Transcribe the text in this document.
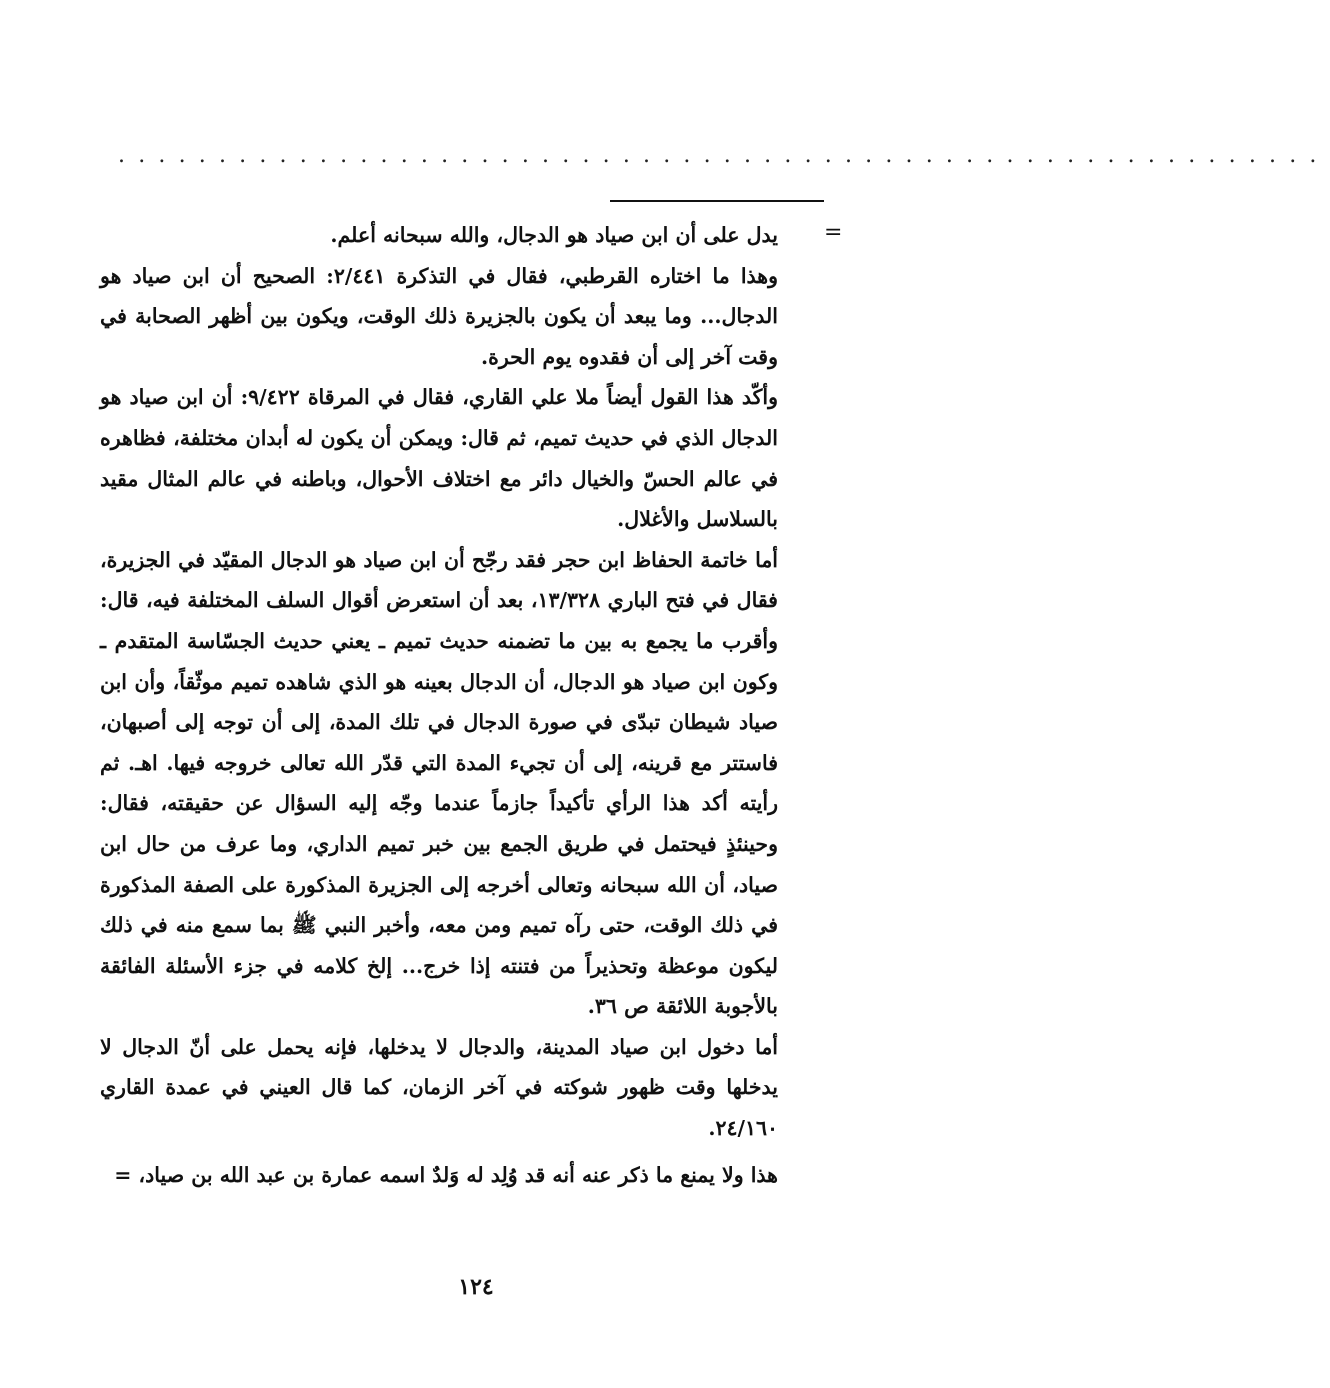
............................................................
=

يدل على أن ابن صياد هو الدجال، والله سبحانه أعلم.

وهذا ما اختاره القرطبي، فقال في التذكرة ٢/٤٤١: الصحيح أن ابن صياد هو الدجال... وما يبعد أن يكون بالجزيرة ذلك الوقت، ويكون بين أظهر الصحابة في وقت آخر إلى أن فقدوه يوم الحرة.

وأكّد هذا القول أيضاً ملا علي القاري، فقال في المرقاة ٩/٤٢٢: أن ابن صياد هو الدجال الذي في حديث تميم، ثم قال: ويمكن أن يكون له أبدان مختلفة، فظاهره في عالم الحسّ والخيال دائر مع اختلاف الأحوال، وباطنه في عالم المثال مقيد بالسلاسل والأغلال.

أما خاتمة الحفاظ ابن حجر فقد رجّح أن ابن صياد هو الدجال المقيّد في الجزيرة، فقال في فتح الباري ١٣/٣٢٨، بعد أن استعرض أقوال السلف المختلفة فيه، قال: وأقرب ما يجمع به بين ما تضمنه حديث تميم ـ يعني حديث الجسّاسة المتقدم ـ وكون ابن صياد هو الدجال، أن الدجال بعينه هو الذي شاهده تميم موثّقاً، وأن ابن صياد شيطان تبدّى في صورة الدجال في تلك المدة، إلى أن توجه إلى أصبهان، فاستتر مع قرينه، إلى أن تجيء المدة التي قدّر الله تعالى خروجه فيها. اهـ. ثم رأيته أكد هذا الرأي تأكيداً جازماً عندما وجّه إليه السؤال عن حقيقته، فقال: وحينئذٍ فيحتمل في طريق الجمع بين خبر تميم الداري، وما عرف من حال ابن صياد، أن الله سبحانه وتعالى أخرجه إلى الجزيرة المذكورة على الصفة المذكورة في ذلك الوقت، حتى رآه تميم ومن معه، وأخبر النبي ﷺ بما سمع منه في ذلك ليكون موعظة وتحذيراً من فتنته إذا خرج... إلخ كلامه في جزء الأسئلة الفائقة بالأجوبة اللائقة ص ٣٦.

أما دخول ابن صياد المدينة، والدجال لا يدخلها، فإنه يحمل على أنّ الدجال لا يدخلها وقت ظهور شوكته في آخر الزمان، كما قال العيني في عمدة القاري ٢٤/١٦٠.

هذا ولا يمنع ما ذكر عنه أنه قد وُلِد له وَلدٌ اسمه عمارة بن عبد الله بن صياد، =

١٢٤
